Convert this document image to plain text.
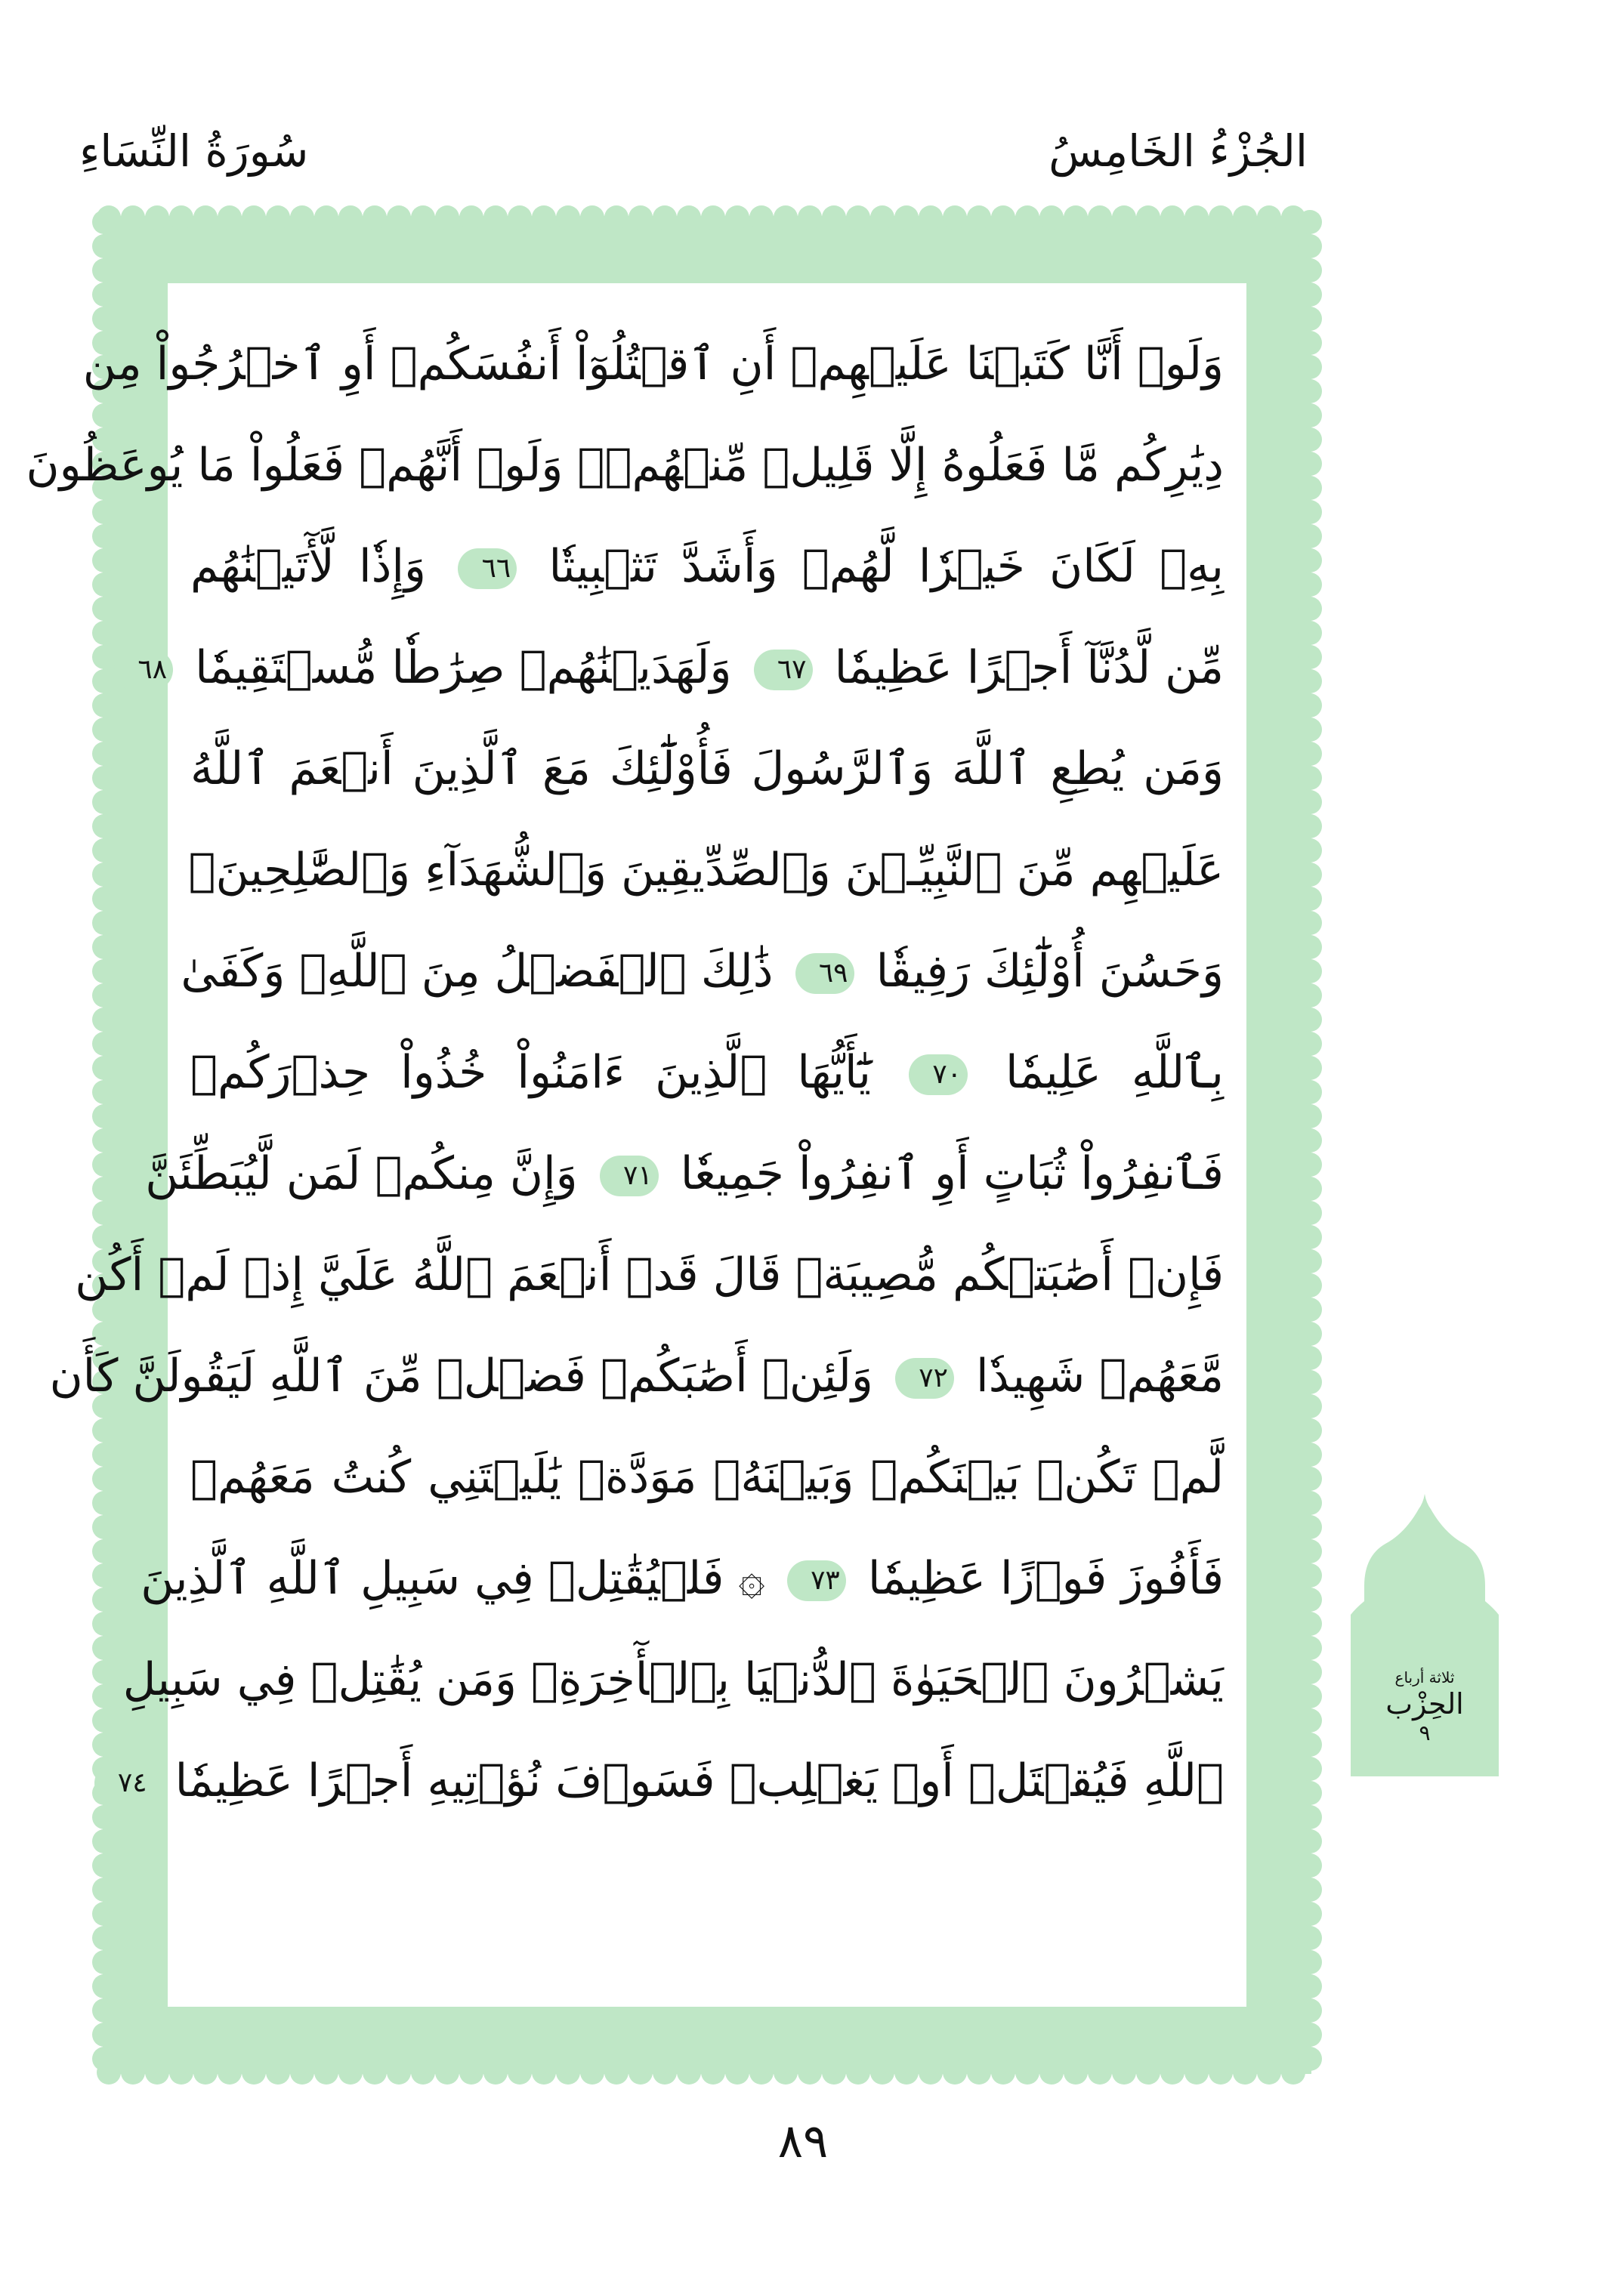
الجُزْءُ الخَامِسُ
سُورَةُ النِّسَاءِ
وَلَوۡ أَنَّا كَتَبۡنَا عَلَيۡهِمۡ أَنِ ٱقۡتُلُوٓاْ أَنفُسَكُمۡ أَوِ ٱخۡرُجُواْ مِن
دِيَٰرِكُم مَّا فَعَلُوهُ إِلَّا قَلِيلٞ مِّنۡهُمۡۖ وَلَوۡ أَنَّهُمۡ فَعَلُواْ مَا يُوعَظُونَ
بِهِۦ لَكَانَ خَيۡرٗا لَّهُمۡ وَأَشَدَّ تَثۡبِيتٗا ٦٦ وَإِذٗا لَّأٓتَيۡنَٰهُم
مِّن لَّدُنَّآ أَجۡرًا عَظِيمٗا ٦٧ وَلَهَدَيۡنَٰهُمۡ صِرَٰطٗا مُّسۡتَقِيمٗا ٦٨
وَمَن يُطِعِ ٱللَّهَ وَٱلرَّسُولَ فَأُوْلَٰٓئِكَ مَعَ ٱلَّذِينَ أَنۡعَمَ ٱللَّهُ
عَلَيۡهِم مِّنَ ٱلنَّبِيِّـۧنَ وَٱلصِّدِّيقِينَ وَٱلشُّهَدَآءِ وَٱلصَّٰلِحِينَۚ
وَحَسُنَ أُوْلَٰٓئِكَ رَفِيقٗا ٦٩ ذَٰلِكَ ٱلۡفَضۡلُ مِنَ ٱللَّهِۚ وَكَفَىٰ
بِٱللَّهِ عَلِيمٗا ٧٠ يَٰٓأَيُّهَا ٱلَّذِينَ ءَامَنُواْ خُذُواْ حِذۡرَكُمۡ
فَٱنفِرُواْ ثُبَاتٍ أَوِ ٱنفِرُواْ جَمِيعٗا ٧١ وَإِنَّ مِنكُمۡ لَمَن لَّيُبَطِّئَنَّ
فَإِنۡ أَصَٰبَتۡكُم مُّصِيبَةٞ قَالَ قَدۡ أَنۡعَمَ ٱللَّهُ عَلَيَّ إِذۡ لَمۡ أَكُن
مَّعَهُمۡ شَهِيدٗا ٧٢ وَلَئِنۡ أَصَٰبَكُمۡ فَضۡلٞ مِّنَ ٱللَّهِ لَيَقُولَنَّ كَأَن
لَّمۡ تَكُنۢ بَيۡنَكُمۡ وَبَيۡنَهُۥ مَوَدَّةٞ يَٰلَيۡتَنِي كُنتُ مَعَهُمۡ
فَأَفُوزَ فَوۡزًا عَظِيمٗا ٧٣ ۞ فَلۡيُقَٰتِلۡ فِي سَبِيلِ ٱللَّهِ ٱلَّذِينَ
يَشۡرُونَ ٱلۡحَيَوٰةَ ٱلدُّنۡيَا بِٱلۡأٓخِرَةِۚ وَمَن يُقَٰتِلۡ فِي سَبِيلِ
ٱللَّهِ فَيُقۡتَلۡ أَوۡ يَغۡلِبۡ فَسَوۡفَ نُؤۡتِيهِ أَجۡرًا عَظِيمٗا ٧٤
ثلاثة أرباع
الحِزْب
٩
٨٩
